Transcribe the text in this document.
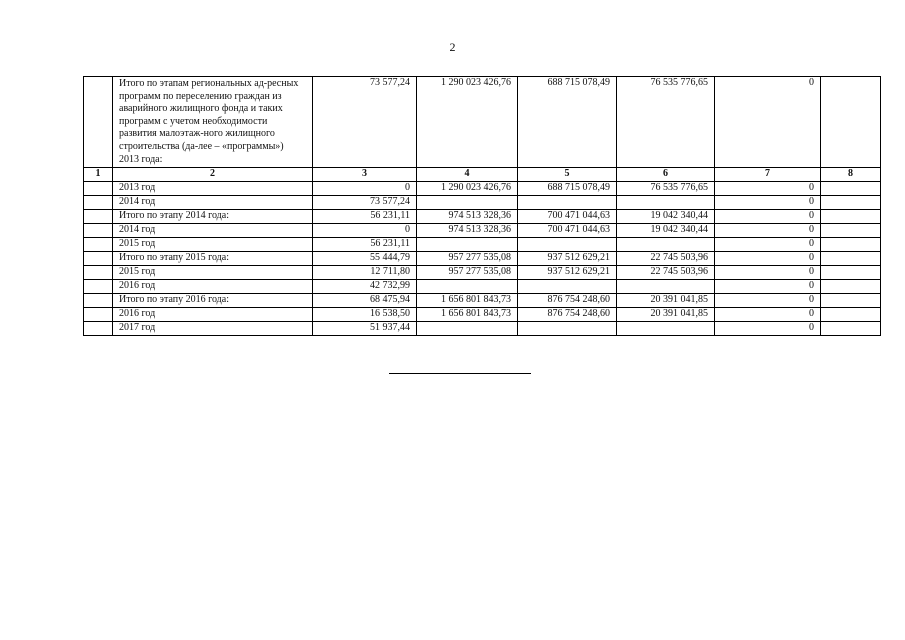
2
	Итого по этапам региональных ад-ресных программ по переселению граждан из аварийного жилищного фонда и таких программ с учетом необходимости развития малоэтаж-ного жилищного строительства (да-лее – «программы») 2013 года:	73 577,24	1 290 023 426,76	688 715 078,49	76 535 776,65	0	
1	2	3	4	5	6	7	8
	2013 год	0	1 290 023 426,76	688 715 078,49	76 535 776,65	0	
	2014 год	73 577,24				0	
	Итого по этапу 2014 года:	56 231,11	974 513 328,36	700 471 044,63	19 042 340,44	0	
	2014 год	0	974 513 328,36	700 471 044,63	19 042 340,44	0	
	2015 год	56 231,11				0	
	Итого по этапу 2015 года:	55 444,79	957 277 535,08	937 512 629,21	22 745 503,96	0	
	2015 год	12 711,80	957 277 535,08	937 512 629,21	22 745 503,96	0	
	2016 год	42 732,99				0	
	Итого по этапу 2016 года:	68 475,94	1 656 801 843,73	876 754 248,60	20 391 041,85	0	
	2016 год	16 538,50	1 656 801 843,73	876 754 248,60	20 391 041,85	0	
	2017 год	51 937,44				0	
